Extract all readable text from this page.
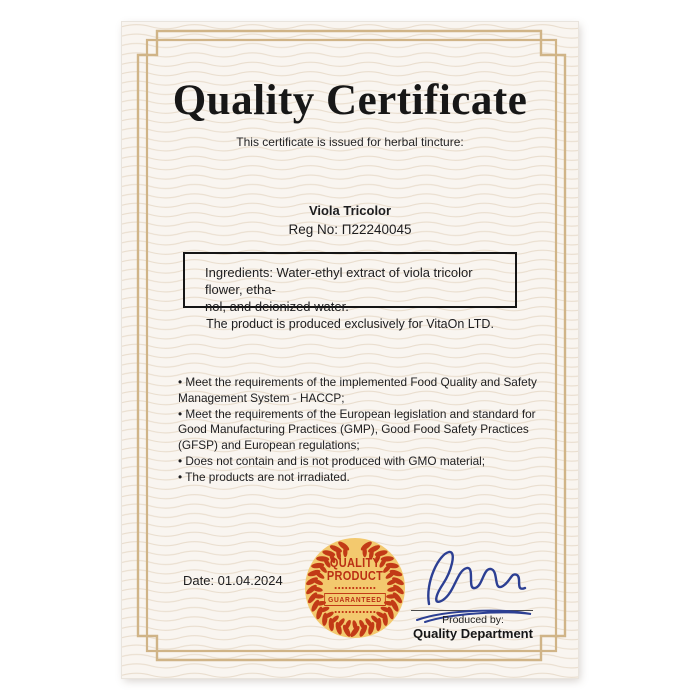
Quality Certificate
This certificate is issued for herbal tincture:
Viola Tricolor
Reg No: П22240045
Ingredients: Water-ethyl extract of viola tricolor flower, etha-
nol, and deionized water.
The product is produced exclusively for VitaOn LTD.
• Meet the requirements of the implemented Food Quality and Safety Management System - HACCP;
• Meet the requirements of the European legislation and standard for Good Manufacturing Practices (GMP), Good Food Safety Practices (GFSP) and European regulations;
• Does not contain and is not produced with GMO material;
• The products are not irradiated.
Date: 01.04.2024
QUALITY
PRODUCT
GUARANTEED
Produced by:
Quality Department
